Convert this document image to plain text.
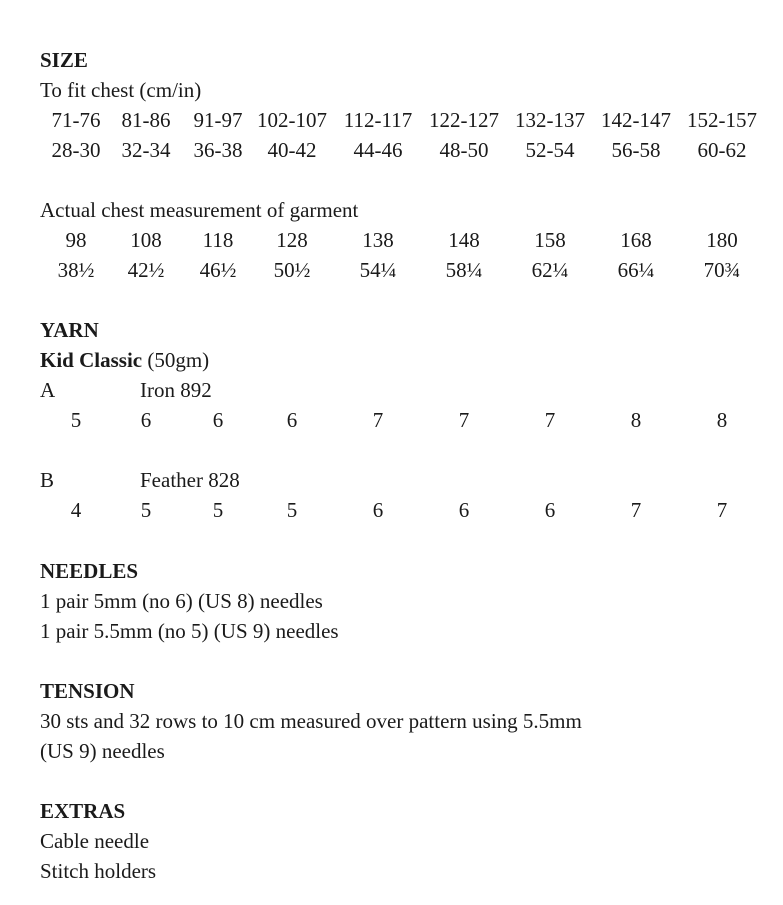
SIZE
To fit chest (cm/in)
71-76	81-86	91-97 102-107 112-117 122-127 132-137 142-147 152-157
28-30	32-34	36-38	40-42	44-46	48-50	52-54	56-58	60-62
Actual chest measurement of garment
98	108	118	128	138	148	158	168	180
38½	42½	46½	50½	54¼	58¼	62¼	66¼	70¾
YARN
Kid Classic (50gm)
A	Iron 892
5	6	6	6	7	7	7	8	8
B	Feather 828
4	5	5	5	6	6	6	7	7
NEEDLES
1 pair 5mm (no 6) (US 8) needles
1 pair 5.5mm (no 5) (US 9) needles
TENSION
30 sts and 32 rows to 10 cm measured over pattern using 5.5mm
(US 9) needles
EXTRAS
Cable needle
Stitch holders
